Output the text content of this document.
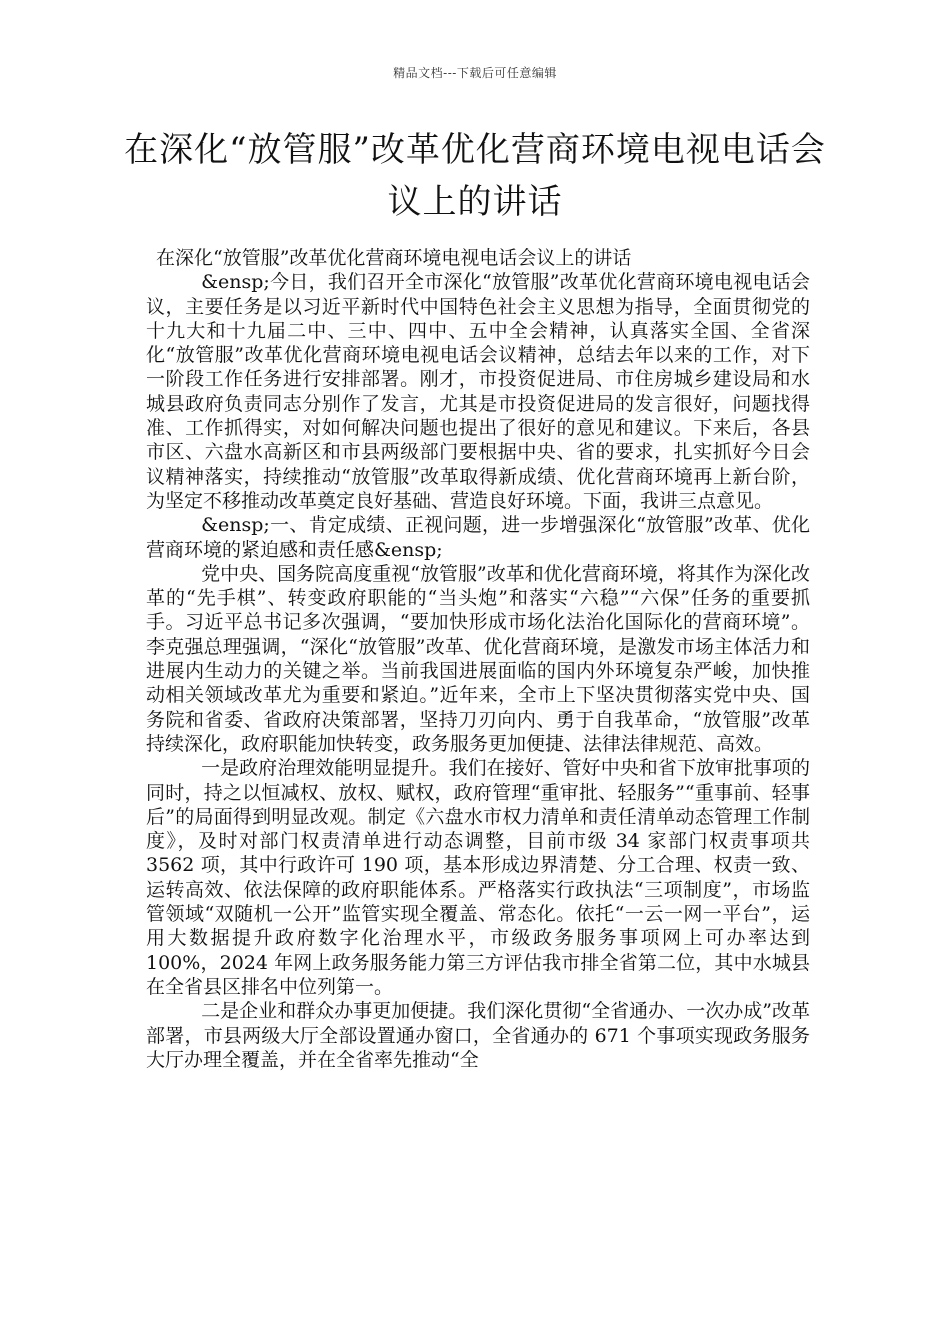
精品文档---下载后可任意编辑
在深化“放管服”改革优化营商环境电视电话会议上的讲话

在深化“放管服”改革优化营商环境电视电话会议上的讲话

&ensp;今日，我们召开全市深化“放管服”改革优化营商环境电视电话会议，主要任务是以习近平新时代中国特色社会主义思想为指导，全面贯彻党的十九大和十九届二中、三中、四中、五中全会精神，认真落实全国、全省深化“放管服”改革优化营商环境电视电话会议精神，总结去年以来的工作，对下一阶段工作任务进行安排部署。刚才，市投资促进局、市住房城乡建设局和水城县政府负责同志分别作了发言，尤其是市投资促进局的发言很好，问题找得准、工作抓得实，对如何解决问题也提出了很好的意见和建议。下来后，各县市区、六盘水高新区和市县两级部门要根据中央、省的要求，扎实抓好今日会议精神落实，持续推动“放管服”改革取得新成绩、优化营商环境再上新台阶，为坚定不移推动改革奠定良好基础、营造良好环境。下面，我讲三点意见。

&ensp;一、肯定成绩、正视问题，进一步增强深化“放管服”改革、优化营商环境的紧迫感和责任感&ensp;

党中央、国务院高度重视“放管服”改革和优化营商环境，将其作为深化改革的“先手棋”、转变政府职能的“当头炮”和落实“六稳”“六保”任务的重要抓手。习近平总书记多次强调，“要加快形成市场化法治化国际化的营商环境”。李克强总理强调，“深化“放管服”改革、优化营商环境，是激发市场主体活力和进展内生动力的关键之举。当前我国进展面临的国内外环境复杂严峻，加快推动相关领域改革尤为重要和紧迫。”近年来，全市上下坚决贯彻落实党中央、国务院和省委、省政府决策部署，坚持刀刃向内、勇于自我革命，“放管服”改革持续深化，政府职能加快转变，政务服务更加便捷、法律法律规范、高效。

一是政府治理效能明显提升。我们在接好、管好中央和省下放审批事项的同时，持之以恒减权、放权、赋权，政府管理“重审批、轻服务”“重事前、轻事后”的局面得到明显改观。制定《六盘水市权力清单和责任清单动态管理工作制度》，及时对部门权责清单进行动态调整，目前市级 34 家部门权责事项共 3562 项，其中行政许可 190 项，基本形成边界清楚、分工合理、权责一致、运转高效、依法保障的政府职能体系。严格落实行政执法“三项制度”，市场监管领域“双随机一公开”监管实现全覆盖、常态化。依托“一云一网一平台”，运用大数据提升政府数字化治理水平，市级政务服务事项网上可办率达到 100%，2024 年网上政务服务能力第三方评估我市排全省第二位，其中水城县在全省县区排名中位列第一。

二是企业和群众办事更加便捷。我们深化贯彻“全省通办、一次办成”改革部署，市县两级大厅全部设置通办窗口，全省通办的 671 个事项实现政务服务大厅办理全覆盖，并在全省率先推动“全
